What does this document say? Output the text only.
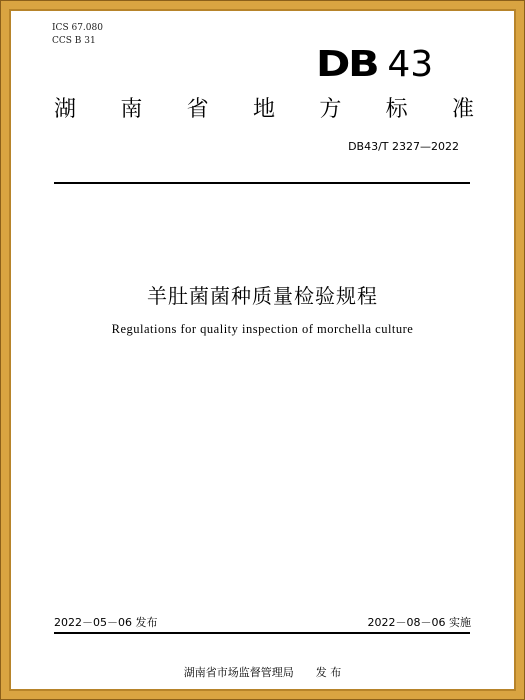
ICS 67.080
CCS B 31
DB 43
湖 南 省 地 方 标 准
DB43/T 2327—2022
羊肚菌菌种质量检验规程
Regulations for quality inspection of morchella culture
2022－05－06 发布	2022－08－06 实施
湖南省市场监督管理局 发 布
